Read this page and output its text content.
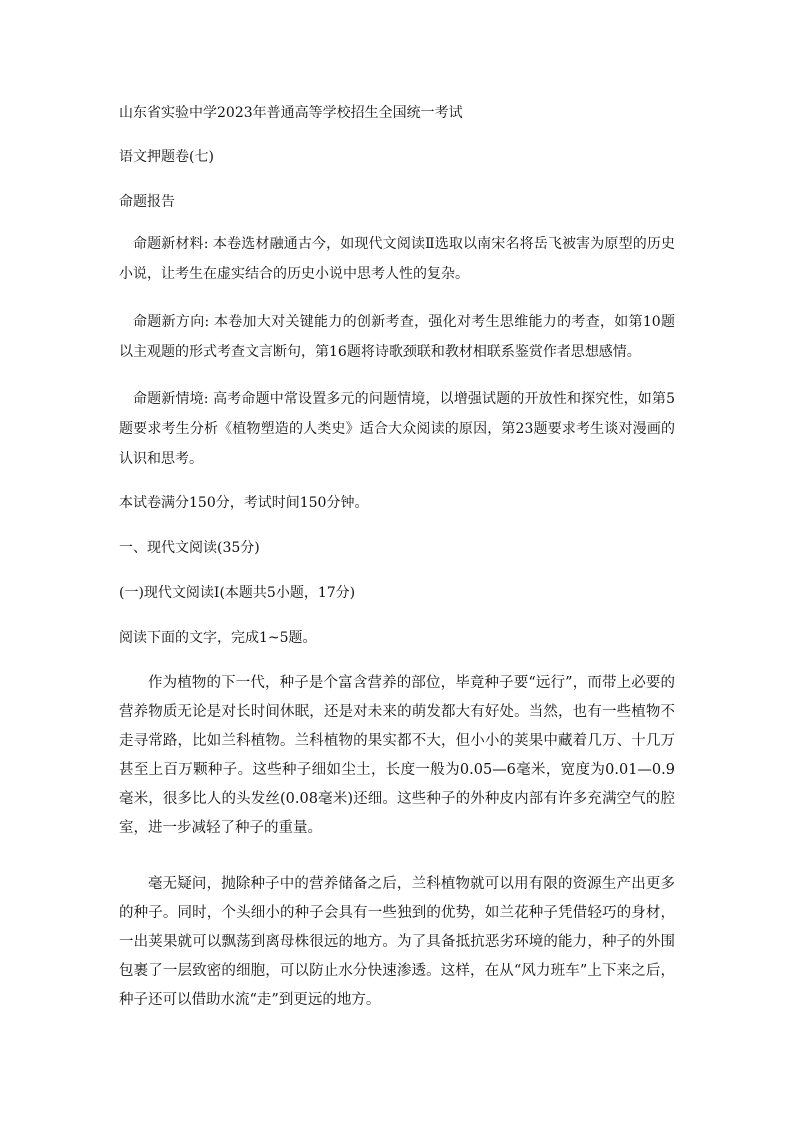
山东省实验中学2023年普通高等学校招生全国统一考试
语文押题卷(七)
命题报告
命题新材料: 本卷选材融通古今，如现代文阅读Ⅱ选取以南宋名将岳飞被害为原型的历史小说，让考生在虚实结合的历史小说中思考人性的复杂。
命题新方向: 本卷加大对关键能力的创新考查，强化对考生思维能力的考查，如第10题以主观题的形式考查文言断句，第16题将诗歌颈联和教材相联系鉴赏作者思想感情。
命题新情境: 高考命题中常设置多元的问题情境，以增强试题的开放性和探究性，如第5题要求考生分析《植物塑造的人类史》适合大众阅读的原因，第23题要求考生谈对漫画的认识和思考。
本试卷满分150分，考试时间150分钟。
一、现代文阅读(35分)
(一)现代文阅读Ⅰ(本题共5小题，17分)
阅读下面的文字，完成1~5题。
作为植物的下一代，种子是个富含营养的部位，毕竟种子要“远行”，而带上必要的营养物质无论是对长时间休眠，还是对未来的萌发都大有好处。当然，也有一些植物不走寻常路，比如兰科植物。兰科植物的果实都不大，但小小的荚果中藏着几万、十几万甚至上百万颗种子。这些种子细如尘土，长度一般为0.05—6毫米，宽度为0.01—0.9毫米，很多比人的头发丝(0.08毫米)还细。这些种子的外种皮内部有许多充满空气的腔室，进一步减轻了种子的重量。
毫无疑问，抛除种子中的营养储备之后，兰科植物就可以用有限的资源生产出更多的种子。同时，个头细小的种子会具有一些独到的优势，如兰花种子凭借轻巧的身材，一出荚果就可以飘荡到离母株很远的地方。为了具备抵抗恶劣环境的能力，种子的外围包裹了一层致密的细胞，可以防止水分快速渗透。这样，在从“风力班车”上下来之后，种子还可以借助水流“走”到更远的地方。
